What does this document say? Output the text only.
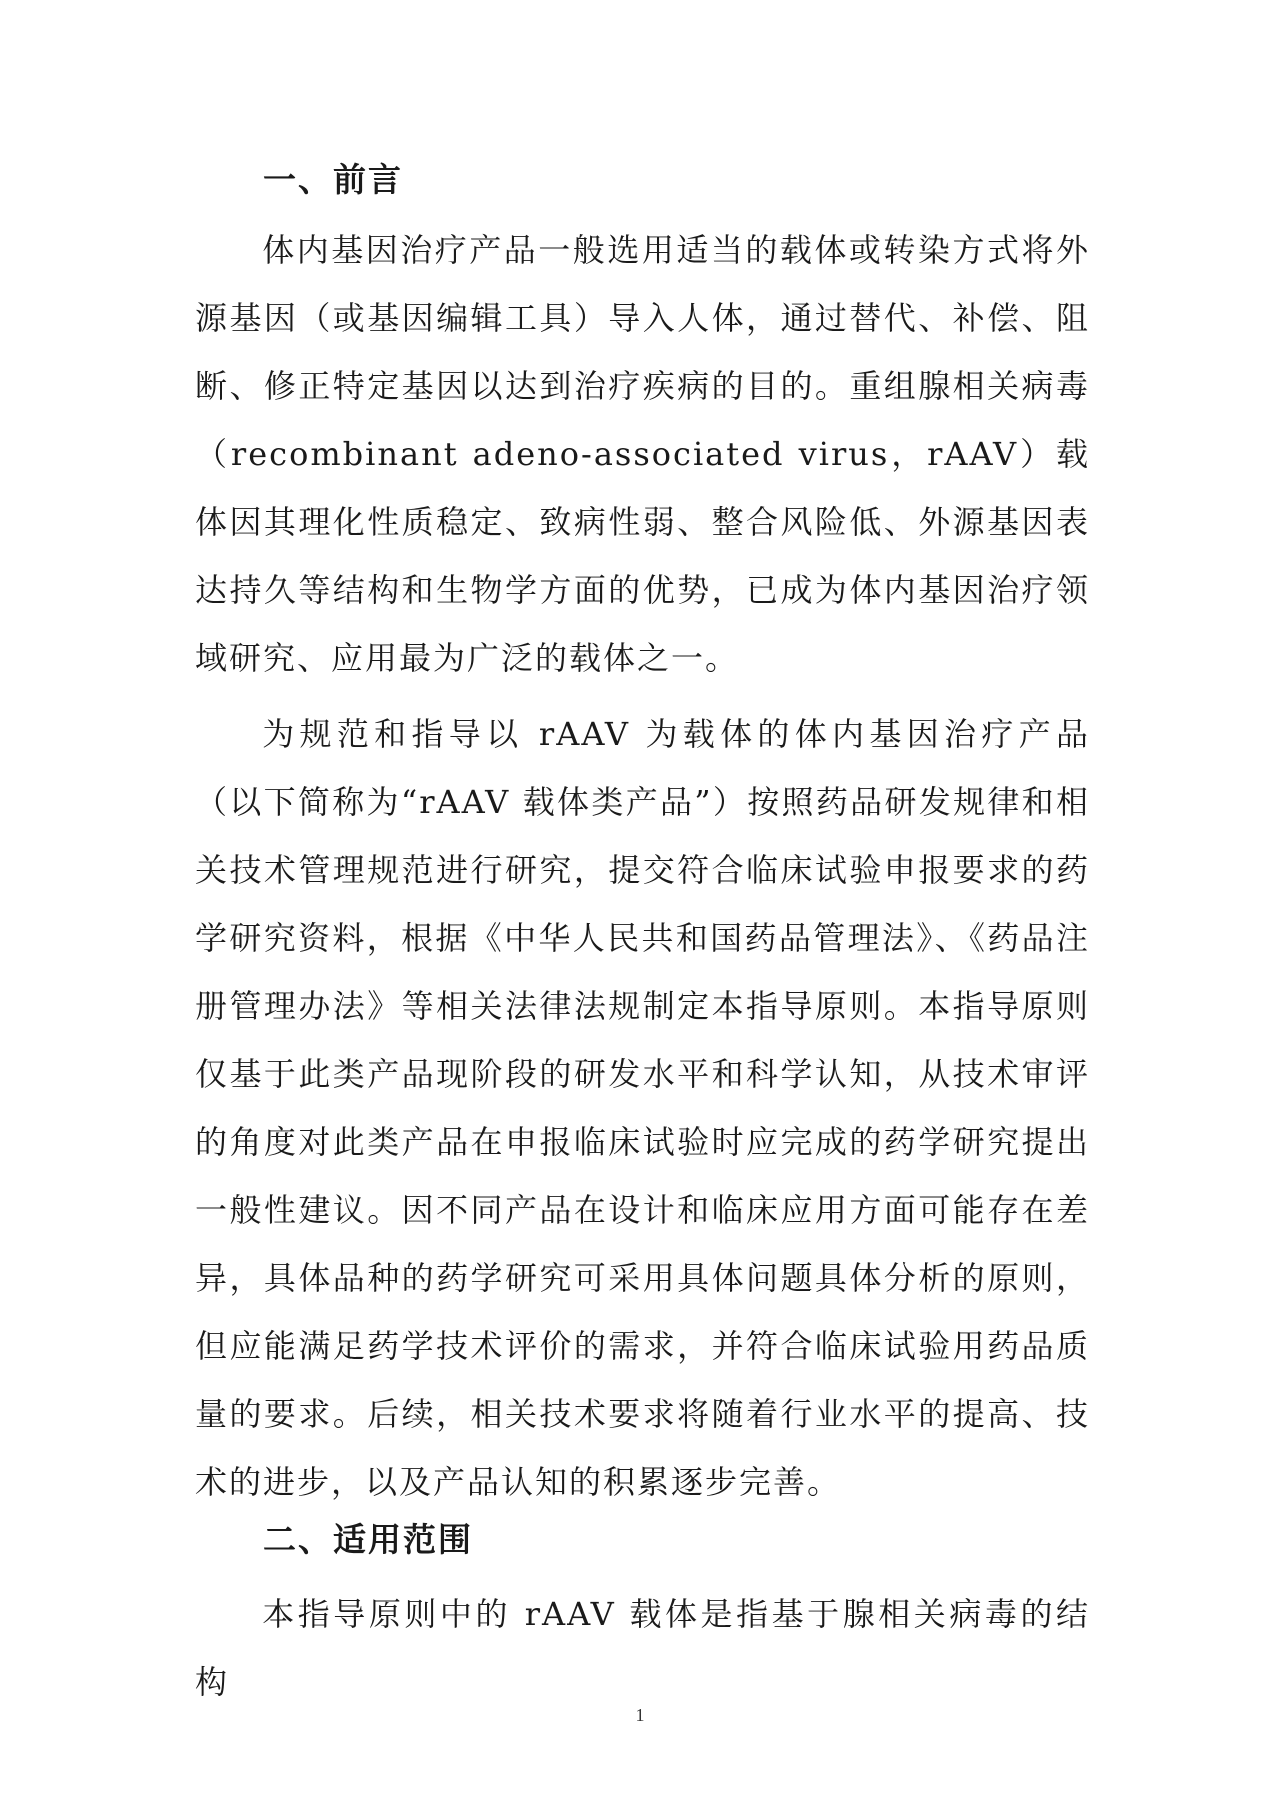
一、前言

体内基因治疗产品一般选用适当的载体或转染方式将外源基因（或基因编辑工具）导入人体，通过替代、补偿、阻断、修正特定基因以达到治疗疾病的目的。重组腺相关病毒（recombinant adeno-associated virus，rAAV）载体因其理化性质稳定、致病性弱、整合风险低、外源基因表达持久等结构和生物学方面的优势，已成为体内基因治疗领域研究、应用最为广泛的载体之一。

为规范和指导以 rAAV 为载体的体内基因治疗产品（以下简称为“rAAV 载体类产品”）按照药品研发规律和相关技术管理规范进行研究，提交符合临床试验申报要求的药学研究资料，根据《中华人民共和国药品管理法》、《药品注册管理办法》等相关法律法规制定本指导原则。本指导原则仅基于此类产品现阶段的研发水平和科学认知，从技术审评的角度对此类产品在申报临床试验时应完成的药学研究提出一般性建议。因不同产品在设计和临床应用方面可能存在差异，具体品种的药学研究可采用具体问题具体分析的原则，但应能满足药学技术评价的需求，并符合临床试验用药品质量的要求。后续，相关技术要求将随着行业水平的提高、技术的进步，以及产品认知的积累逐步完善。

二、适用范围

本指导原则中的 rAAV 载体是指基于腺相关病毒的结构

1
